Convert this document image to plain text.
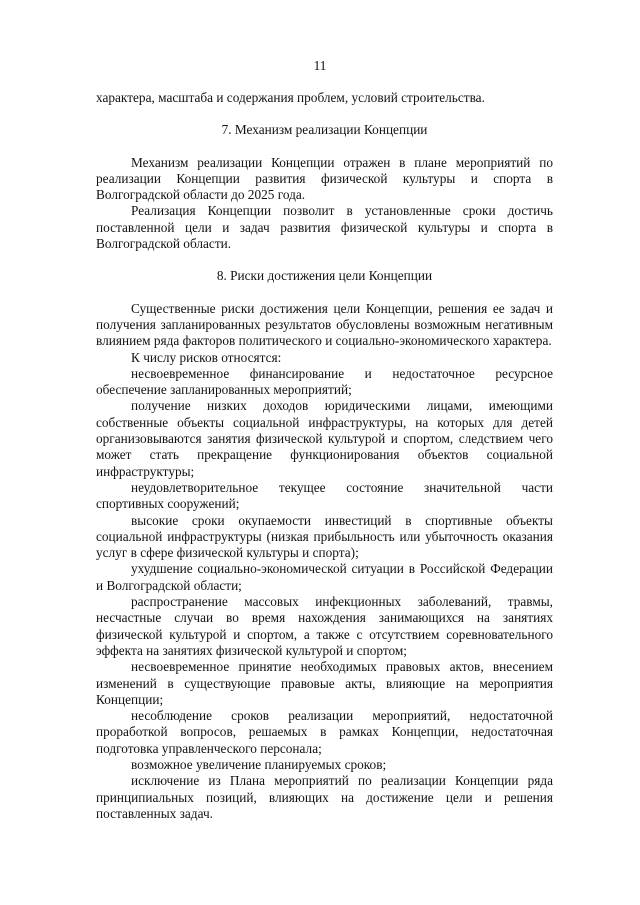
11

характера, масштаба и содержания проблем, условий строительства.

7. Механизм реализации Концепции

Механизм реализации Концепции отражен в плане мероприятий по реализации Концепции развития физической культуры и спорта в Волгоградской области до 2025 года.

Реализация Концепции позволит в установленные сроки достичь поставленной цели и задач развития физической культуры и спорта в Волгоградской области.

8. Риски достижения цели Концепции

Существенные риски достижения цели Концепции, решения ее задач и получения запланированных результатов обусловлены возможным негативным влиянием ряда факторов политического и социально-экономического характера.

К числу рисков относятся:

несвоевременное финансирование и недостаточное ресурсное обеспечение запланированных мероприятий;

получение низких доходов юридическими лицами, имеющими собственные объекты социальной инфраструктуры, на которых для детей организовываются занятия физической культурой и спортом, следствием чего может стать прекращение функционирования объектов социальной инфраструктуры;

неудовлетворительное текущее состояние значительной части спортивных сооружений;

высокие сроки окупаемости инвестиций в спортивные объекты социальной инфраструктуры (низкая прибыльность или убыточность оказания услуг в сфере физической культуры и спорта);

ухудшение социально-экономической ситуации в Российской Федерации и Волгоградской области;

распространение массовых инфекционных заболеваний, травмы, несчастные случаи во время нахождения занимающихся на занятиях физической культурой и спортом, а также с отсутствием соревновательного эффекта на занятиях физической культурой и спортом;

несвоевременное принятие необходимых правовых актов, внесением изменений в существующие правовые акты, влияющие на мероприятия Концепции;

несоблюдение сроков реализации мероприятий, недостаточной проработкой вопросов, решаемых в рамках Концепции, недостаточная подготовка управленческого персонала;

возможное увеличение планируемых сроков;

исключение из Плана мероприятий по реализации Концепции ряда принципиальных позиций, влияющих на достижение цели и решения поставленных задач.
